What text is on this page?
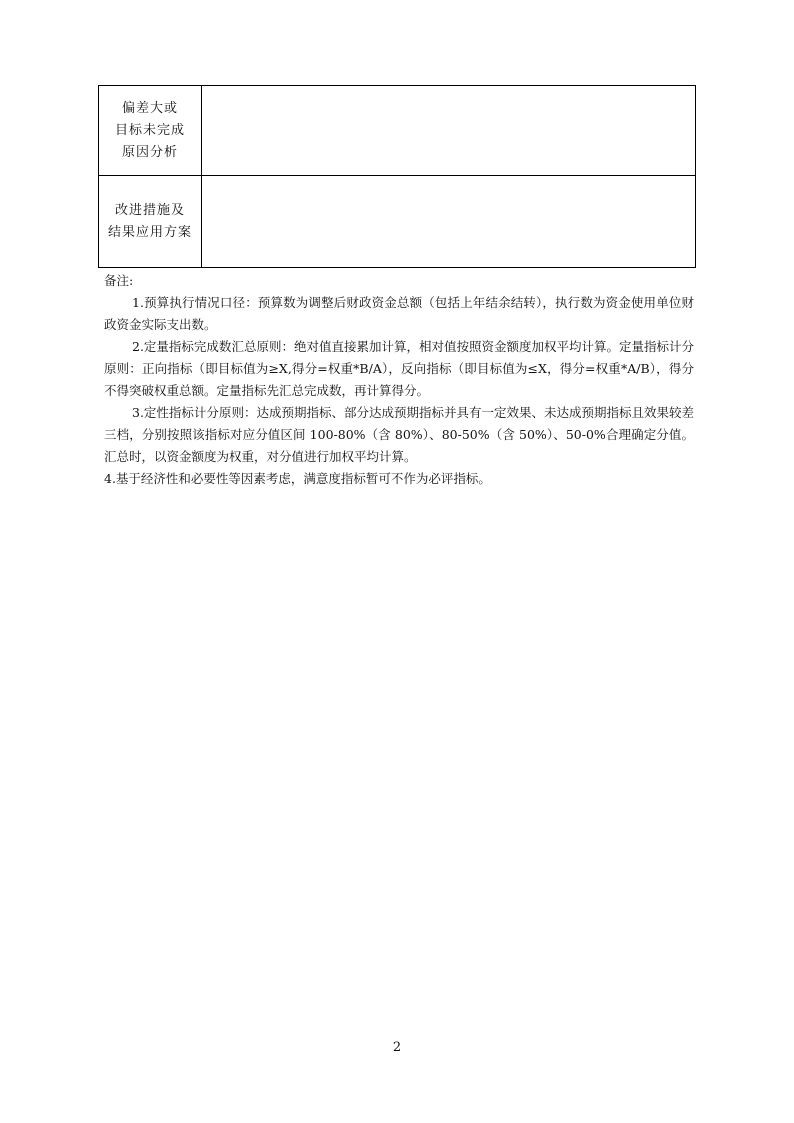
偏差大或
目标未完成
原因分析	

改进措施及
结果应用方案	

备注:

1.预算执行情况口径：预算数为调整后财政资金总额（包括上年结余结转），执行数为资金使用单位财政资金实际支出数。

2.定量指标完成数汇总原则：绝对值直接累加计算，相对值按照资金额度加权平均计算。定量指标计分原则：正向指标（即目标值为≥X,得分=权重*B/A），反向指标（即目标值为≤X，得分=权重*A/B），得分不得突破权重总额。定量指标先汇总完成数，再计算得分。

3.定性指标计分原则：达成预期指标、部分达成预期指标并具有一定效果、未达成预期指标且效果较差三档，分别按照该指标对应分值区间 100-80%（含 80%）、80-50%（含 50%）、50-0%合理确定分值。汇总时，以资金额度为权重，对分值进行加权平均计算。

4.基于经济性和必要性等因素考虑，满意度指标暂可不作为必评指标。

2
